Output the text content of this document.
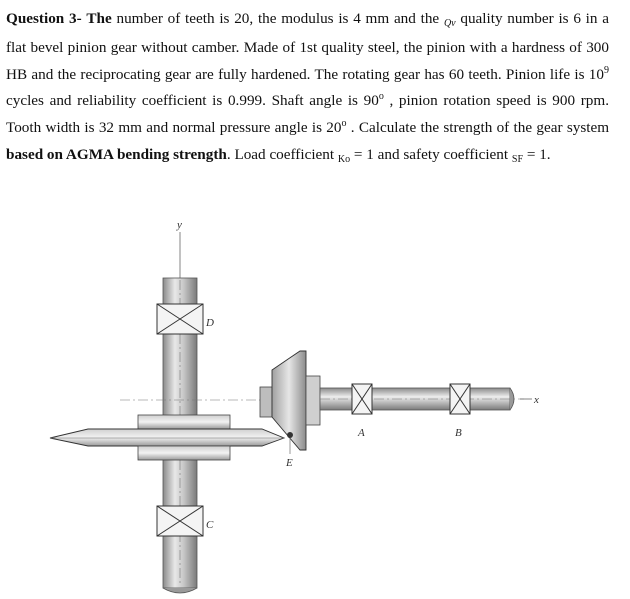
Question 3- The number of teeth is 20, the modulus is 4 mm and the Qv quality number is 6 in a flat bevel pinion gear without camber. Made of 1st quality steel, the pinion with a hardness of 300 HB and the reciprocating gear are fully hardened. The rotating gear has 60 teeth. Pinion life is $10^9$ cycles and reliability coefficient is 0.999. Shaft angle is 90$^o$ , pinion rotation speed is 900 rpm. Tooth width is 32 mm and normal pressure angle is 20$^o$ . Calculate the strength of the gear system based on AGMA bending strength. Load coefficient Ko = 1 and safety coefficient SF = 1.

y
D
C
E
x
A	B
